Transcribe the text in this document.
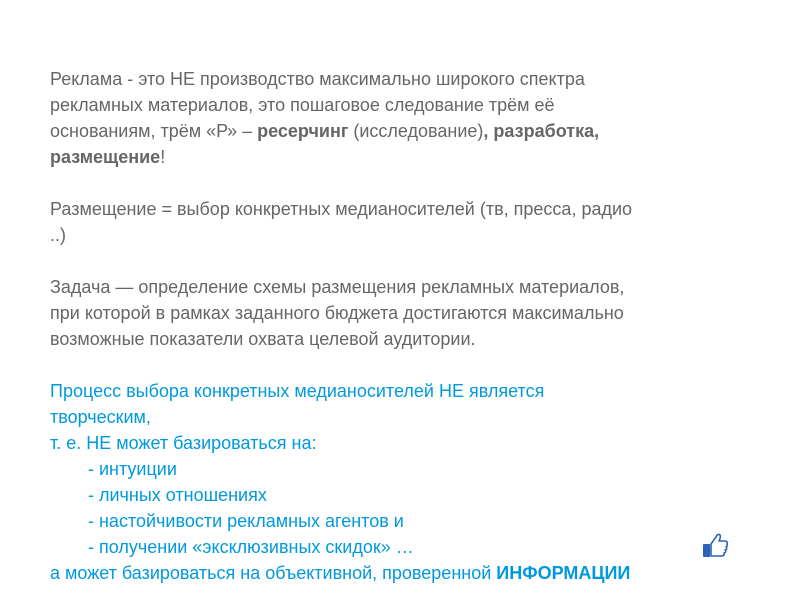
Реклама - это НЕ производство максимально широкого спектра
рекламных материалов, это пошаговое следование трём её
основаниям, трём «Р» – ресерчинг (исследование), разработка,
размещение!

Размещение = выбор конкретных медианосителей (тв, пресса, радио
..)

Задача — определение схемы размещения рекламных материалов,
при которой в рамках заданного бюджета достигаются максимально
возможные показатели охвата целевой аудитории.

Процесс выбора конкретных медианосителей НЕ является
творческим,
т. е. НЕ может базироваться на:
- интуиции
- личных отношениях
- настойчивости рекламных агентов и
- получении «эксклюзивных скидок» …
а может базироваться на объективной, проверенной ИНФОРМАЦИИ
